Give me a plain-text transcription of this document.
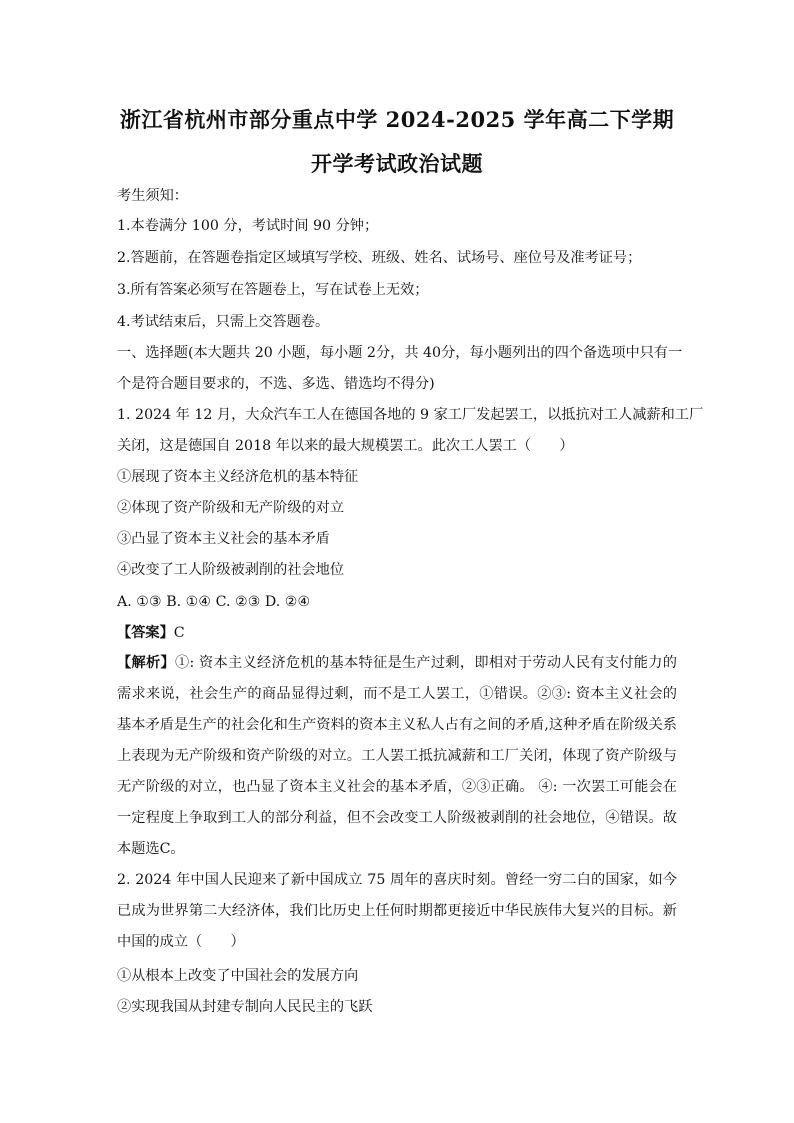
浙江省杭州市部分重点中学 2024-2025 学年高二下学期
开学考试政治试题
考生须知：
1.本卷满分 100 分，考试时间 90 分钟；
2.答题前，在答题卷指定区域填写学校、班级、姓名、试场号、座位号及准考证号；
3.所有答案必须写在答题卷上，写在试卷上无效；
4.考试结束后，只需上交答题卷。
一、选择题(本大题共 20 小题，每小题 2分，共 40分，每小题列出的四个备选项中只有一
个是符合题目要求的，不选、多选、错选均不得分)
1. 2024 年 12 月，大众汽车工人在德国各地的 9 家工厂发起罢工，以抵抗对工人减薪和工厂
关闭，这是德国自 2018 年以来的最大规模罢工。此次工人罢工（　　）
①展现了资本主义经济危机的基本特征
②体现了资产阶级和无产阶级的对立
③凸显了资本主义社会的基本矛盾
④改变了工人阶级被剥削的社会地位
A. ①③ B. ①④ C. ②③ D. ②④
【答案】C
【解析】①: 资本主义经济危机的基本特征是生产过剩，即相对于劳动人民有支付能力的需求来说，社会生产的商品显得过剩，而不是工人罢工，①错误。②③: 资本主义社会的基本矛盾是生产的社会化和生产资料的资本主义私人占有之间的矛盾,这种矛盾在阶级关系上表现为无产阶级和资产阶级的对立。工人罢工抵抗减薪和工厂关闭，体现了资产阶级与无产阶级的对立，也凸显了资本主义社会的基本矛盾，②③正确。 ④: 一次罢工可能会在一定程度上争取到工人的部分利益，但不会改变工人阶级被剥削的社会地位，④错误。故本题选C。
2. 2024 年中国人民迎来了新中国成立 75 周年的喜庆时刻。曾经一穷二白的国家，如今已成为世界第二大经济体，我们比历史上任何时期都更接近中华民族伟大复兴的目标。新中国的成立（　　）
①从根本上改变了中国社会的发展方向
②实现我国从封建专制向人民民主的飞跃
